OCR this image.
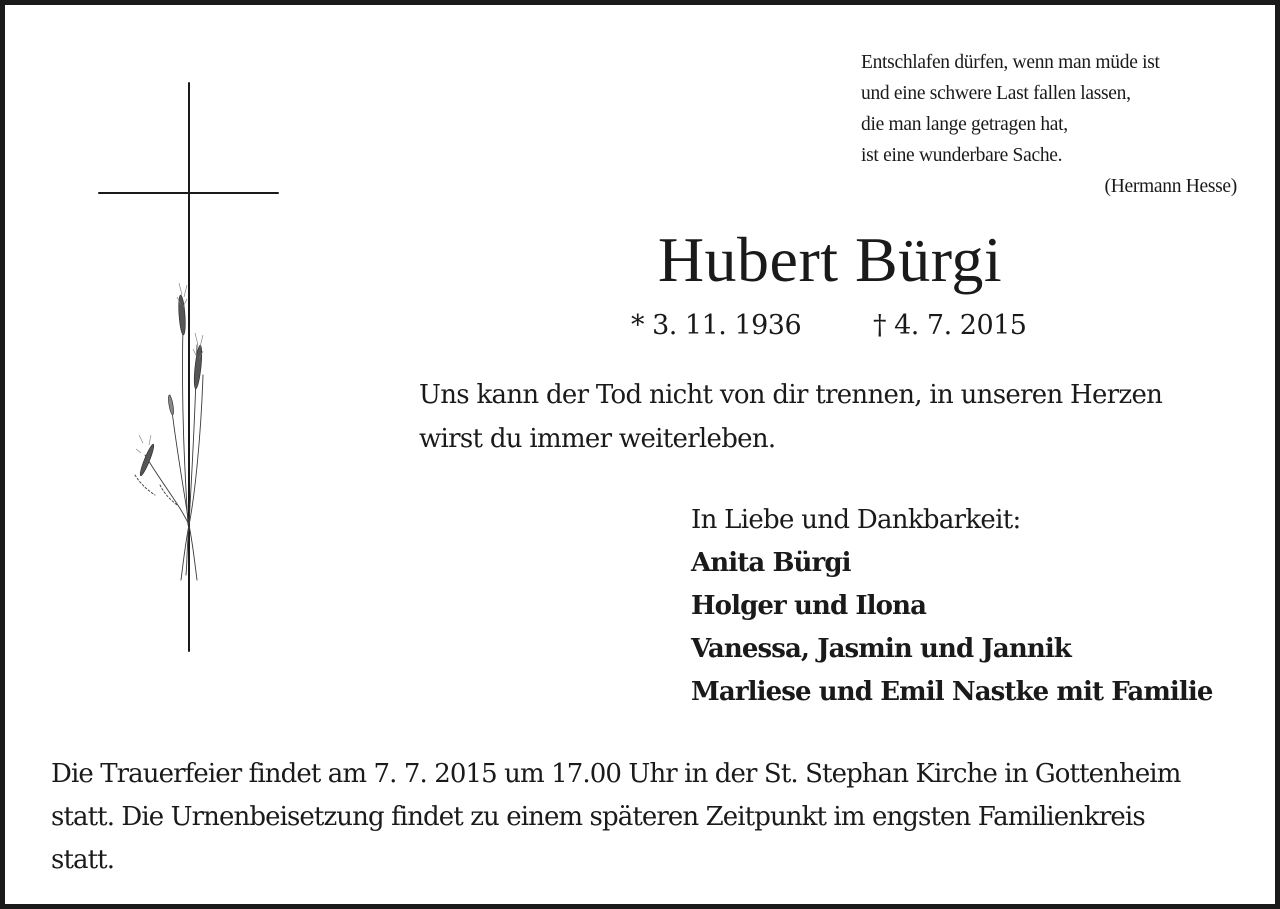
Entschlafen dürfen, wenn man müde ist
und eine schwere Last fallen lassen,
die man lange getragen hat,
ist eine wunderbare Sache.
(Hermann Hesse)
Hubert Bürgi
* 3. 11. 1936	† 4. 7. 2015
Uns kann der Tod nicht von dir trennen, in unseren Herzen
wirst du immer weiterleben.
In Liebe und Dankbarkeit:
Anita Bürgi
Holger und Ilona
Vanessa, Jasmin und Jannik
Marliese und Emil Nastke mit Familie
Die Trauerfeier findet am 7. 7. 2015 um 17.00 Uhr in der St. Stephan Kirche in Gottenheim
statt. Die Urnenbeisetzung findet zu einem späteren Zeitpunkt im engsten Familienkreis
statt.
